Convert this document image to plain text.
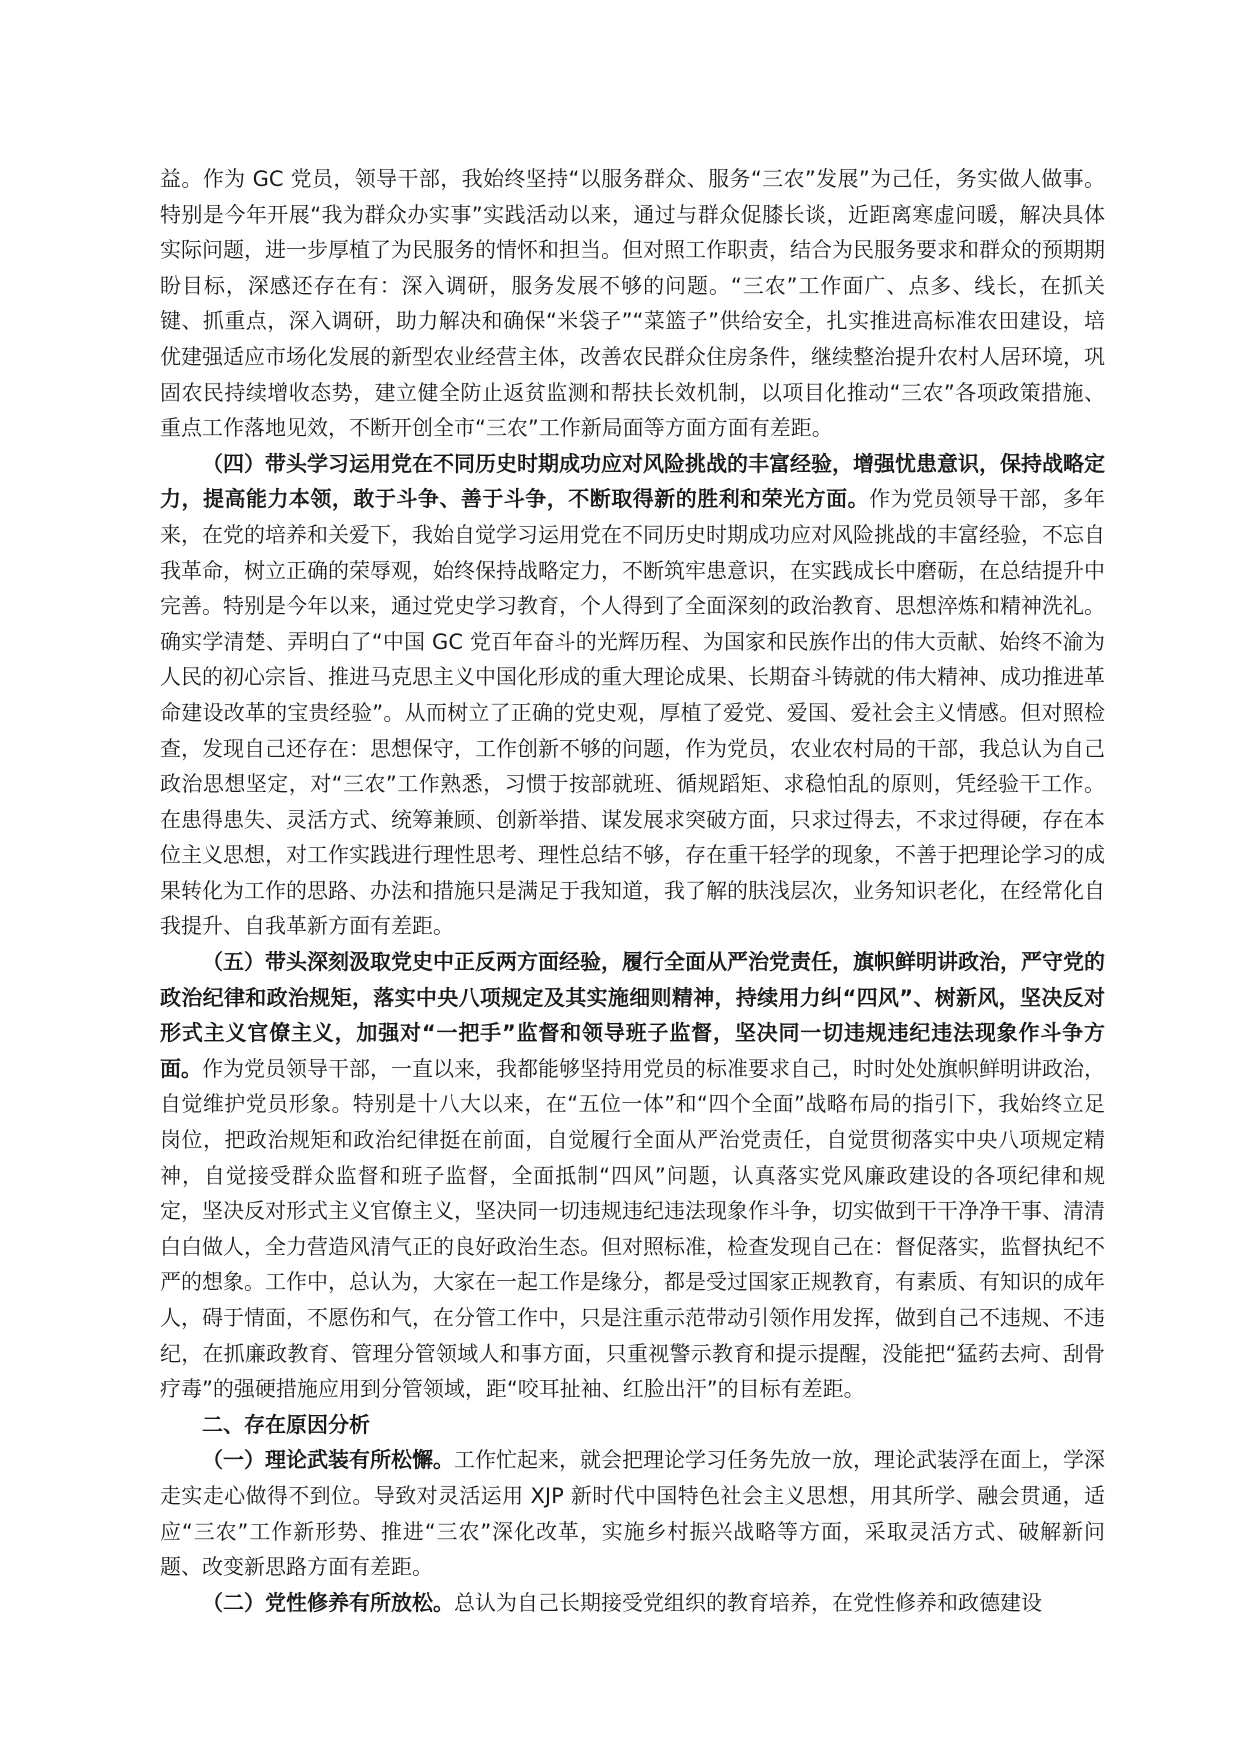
益。作为 GC 党员，领导干部，我始终坚持“以服务群众、服务“三农”发展”为己任，务实做人做事。特别是今年开展“我为群众办实事”实践活动以来，通过与群众促膝长谈，近距离寒虚问暖，解决具体实际问题，进一步厚植了为民服务的情怀和担当。但对照工作职责，结合为民服务要求和群众的预期期盼目标，深感还存在有：深入调研，服务发展不够的问题。“三农”工作面广、点多、线长，在抓关键、抓重点，深入调研，助力解决和确保“米袋子”“菜篮子”供给安全，扎实推进高标准农田建设，培优建强适应市场化发展的新型农业经营主体，改善农民群众住房条件，继续整治提升农村人居环境，巩固农民持续增收态势，建立健全防止返贫监测和帮扶长效机制，以项目化推动“三农”各项政策措施、重点工作落地见效，不断开创全市“三农”工作新局面等方面方面有差距。

（四）带头学习运用党在不同历史时期成功应对风险挑战的丰富经验，增强忧患意识，保持战略定力，提高能力本领，敢于斗争、善于斗争，不断取得新的胜利和荣光方面。作为党员领导干部，多年来，在党的培养和关爱下，我始自觉学习运用党在不同历史时期成功应对风险挑战的丰富经验，不忘自我革命，树立正确的荣辱观，始终保持战略定力，不断筑牢患意识，在实践成长中磨砺，在总结提升中完善。特别是今年以来，通过党史学习教育，个人得到了全面深刻的政治教育、思想淬炼和精神洗礼。确实学清楚、弄明白了“中国 GC 党百年奋斗的光辉历程、为国家和民族作出的伟大贡献、始终不渝为人民的初心宗旨、推进马克思主义中国化形成的重大理论成果、长期奋斗铸就的伟大精神、成功推进革命建设改革的宝贵经验”。从而树立了正确的党史观，厚植了爱党、爱国、爱社会主义情感。但对照检查，发现自己还存在：思想保守，工作创新不够的问题，作为党员，农业农村局的干部，我总认为自己政治思想坚定，对“三农”工作熟悉，习惯于按部就班、循规蹈矩、求稳怕乱的原则，凭经验干工作。在患得患失、灵活方式、统筹兼顾、创新举措、谋发展求突破方面，只求过得去，不求过得硬，存在本位主义思想，对工作实践进行理性思考、理性总结不够，存在重干轻学的现象，不善于把理论学习的成果转化为工作的思路、办法和措施只是满足于我知道，我了解的肤浅层次，业务知识老化，在经常化自我提升、自我革新方面有差距。

（五）带头深刻汲取党史中正反两方面经验，履行全面从严治党责任，旗帜鲜明讲政治，严守党的政治纪律和政治规矩，落实中央八项规定及其实施细则精神，持续用力纠“四风”、树新风，坚决反对形式主义官僚主义，加强对“一把手”监督和领导班子监督，坚决同一切违规违纪违法现象作斗争方面。作为党员领导干部，一直以来，我都能够坚持用党员的标准要求自己，时时处处旗帜鲜明讲政治，自觉维护党员形象。特别是十八大以来，在“五位一体”和“四个全面”战略布局的指引下，我始终立足岗位，把政治规矩和政治纪律挺在前面，自觉履行全面从严治党责任，自觉贯彻落实中央八项规定精神，自觉接受群众监督和班子监督，全面抵制“四风”问题，认真落实党风廉政建设的各项纪律和规定，坚决反对形式主义官僚主义，坚决同一切违规违纪违法现象作斗争，切实做到干干净净干事、清清白白做人，全力营造风清气正的良好政治生态。但对照标准，检查发现自己在：督促落实，监督执纪不严的想象。工作中，总认为，大家在一起工作是缘分，都是受过国家正规教育，有素质、有知识的成年人，碍于情面，不愿伤和气，在分管工作中，只是注重示范带动引领作用发挥，做到自己不违规、不违纪，在抓廉政教育、管理分管领域人和事方面，只重视警示教育和提示提醒，没能把“猛药去疴、刮骨疗毒”的强硬措施应用到分管领域，距“咬耳扯袖、红脸出汗”的目标有差距。

二、存在原因分析

（一）理论武装有所松懈。工作忙起来，就会把理论学习任务先放一放，理论武装浮在面上，学深走实走心做得不到位。导致对灵活运用 XJP 新时代中国特色社会主义思想，用其所学、融会贯通，适应“三农”工作新形势、推进“三农”深化改革，实施乡村振兴战略等方面，采取灵活方式、破解新问题、改变新思路方面有差距。

（二）党性修养有所放松。总认为自己长期接受党组织的教育培养，在党性修养和政德建设
